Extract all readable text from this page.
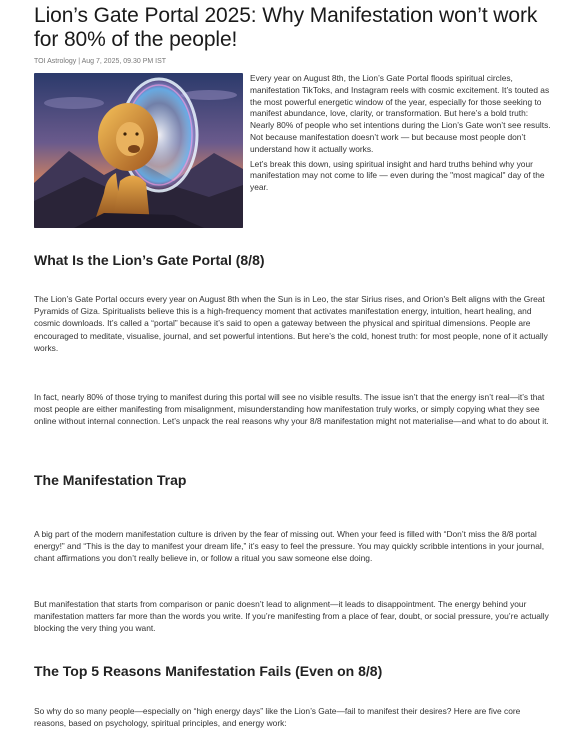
Lion’s Gate Portal 2025: Why Manifestation won’t work for 80% of the people!
TOI Astrology | Aug 7, 2025, 09.30 PM IST

Every year on August 8th, the Lion’s Gate Portal floods spiritual circles, manifestation TikToks, and Instagram reels with cosmic excitement. It’s touted as the most powerful energetic window of the year, especially for those seeking to manifest abundance, love, clarity, or transformation. But here’s a bold truth: Nearly 80% of people who set intentions during the Lion’s Gate won’t see results. Not because manifestation doesn’t work — but because most people don’t understand how it actually works.

Let’s break this down, using spiritual insight and hard truths behind why your manifestation may not come to life — even during the "most magical" day of the year.

What Is the Lion’s Gate Portal (8/8)

The Lion’s Gate Portal occurs every year on August 8th when the Sun is in Leo, the star Sirius rises, and Orion's Belt aligns with the Great Pyramids of Giza. Spiritualists believe this is a high-frequency moment that activates manifestation energy, intuition, heart healing, and cosmic downloads. It’s called a “portal” because it’s said to open a gateway between the physical and spiritual dimensions. People are encouraged to meditate, visualise, journal, and set powerful intentions. But here’s the cold, honest truth: for most people, none of it actually works.

In fact, nearly 80% of those trying to manifest during this portal will see no visible results. The issue isn’t that the energy isn’t real—it’s that most people are either manifesting from misalignment, misunderstanding how manifestation truly works, or simply copying what they see online without internal connection. Let’s unpack the real reasons why your 8/8 manifestation might not materialise—and what to do about it.

The Manifestation Trap

A big part of the modern manifestation culture is driven by the fear of missing out. When your feed is filled with “Don’t miss the 8/8 portal energy!” and “This is the day to manifest your dream life,” it’s easy to feel the pressure. You may quickly scribble intentions in your journal, chant affirmations you don’t really believe in, or follow a ritual you saw someone else doing.

But manifestation that starts from comparison or panic doesn’t lead to alignment—it leads to disappointment. The energy behind your manifestation matters far more than the words you write. If you’re manifesting from a place of fear, doubt, or social pressure, you’re actually blocking the very thing you want.

The Top 5 Reasons Manifestation Fails (Even on 8/8)

So why do so many people—especially on “high energy days” like the Lion’s Gate—fail to manifest their desires? Here are five core reasons, based on psychology, spiritual principles, and energy work:
